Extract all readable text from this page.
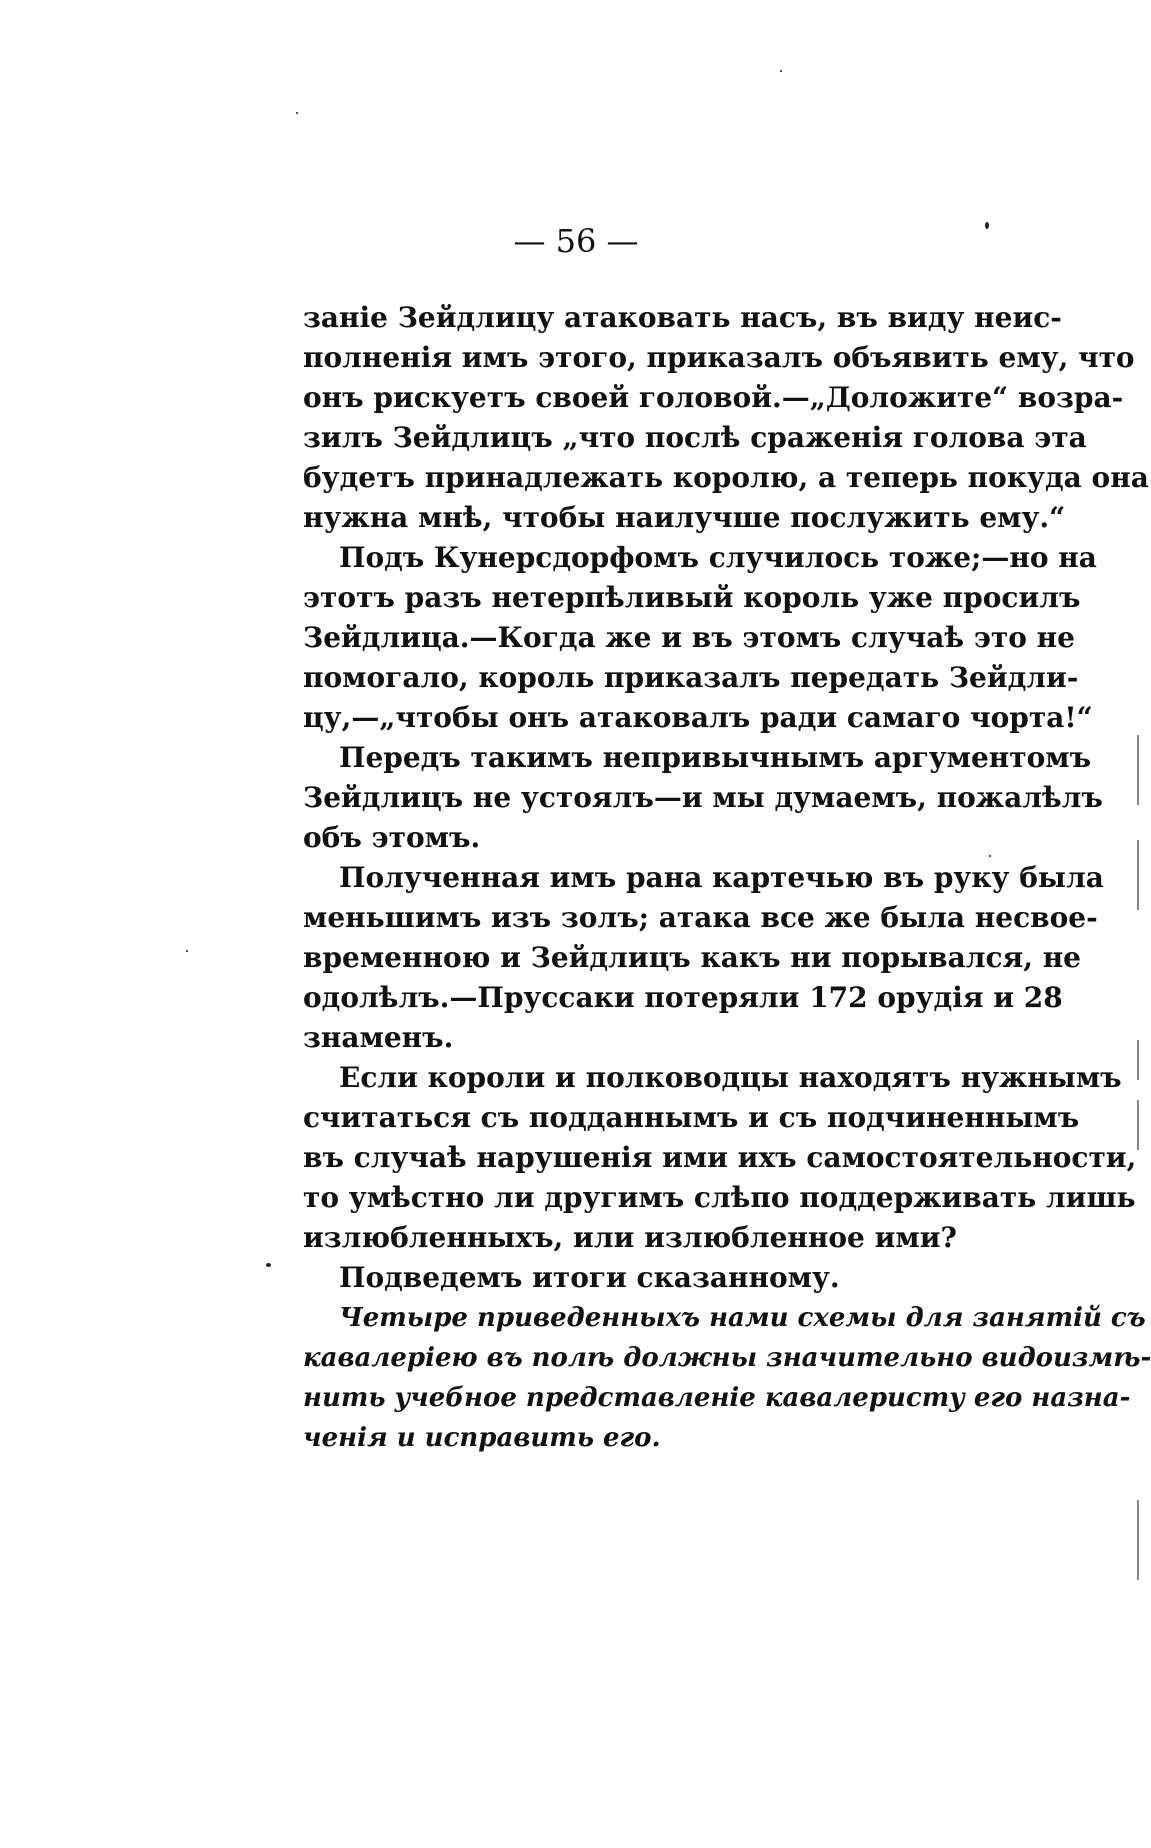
— 56 —
заніе Зейдлицу атаковать насъ, въ виду неис-
полненія имъ этого, приказалъ объявить ему, что
онъ рискуетъ своей головой.—„Доложите“ возра-
зилъ Зейдлицъ „что послѣ сраженія голова эта
будетъ принадлежать королю, а теперь покуда она
нужна мнѣ, чтобы наилучше послужить ему.“
Подъ Кунерсдорфомъ случилось тоже;—но на
этотъ разъ нетерпѣливый король уже просилъ
Зейдлица.—Когда же и въ этомъ случаѣ это не
помогало, король приказалъ передать Зейдли-
цу,—„чтобы онъ атаковалъ ради самаго чорта!“
Передъ такимъ непривычнымъ аргументомъ
Зейдлицъ не устоялъ—и мы думаемъ, пожалѣлъ
объ этомъ.
Полученная имъ рана картечью въ руку была
меньшимъ изъ золъ; атака все же была несвое-
временною и Зейдлицъ какъ ни порывался, не
одолѣлъ.—Пруссаки потеряли 172 орудія и 28
знаменъ.
Если короли и полководцы находятъ нужнымъ
считаться съ подданнымъ и съ подчиненнымъ
въ случаѣ нарушенія ими ихъ самостоятельности,
то умѣстно ли другимъ слѣпо поддерживать лишь
излюбленныхъ, или излюбленное ими?
Подведемъ итоги сказанному.
Четыре приведенныхъ нами схемы для занятій съ
кавалеріею въ полѣ должны значительно видоизмѣ-
нить учебное представленіе кавалеристу его назна-
ченія и исправить его.
